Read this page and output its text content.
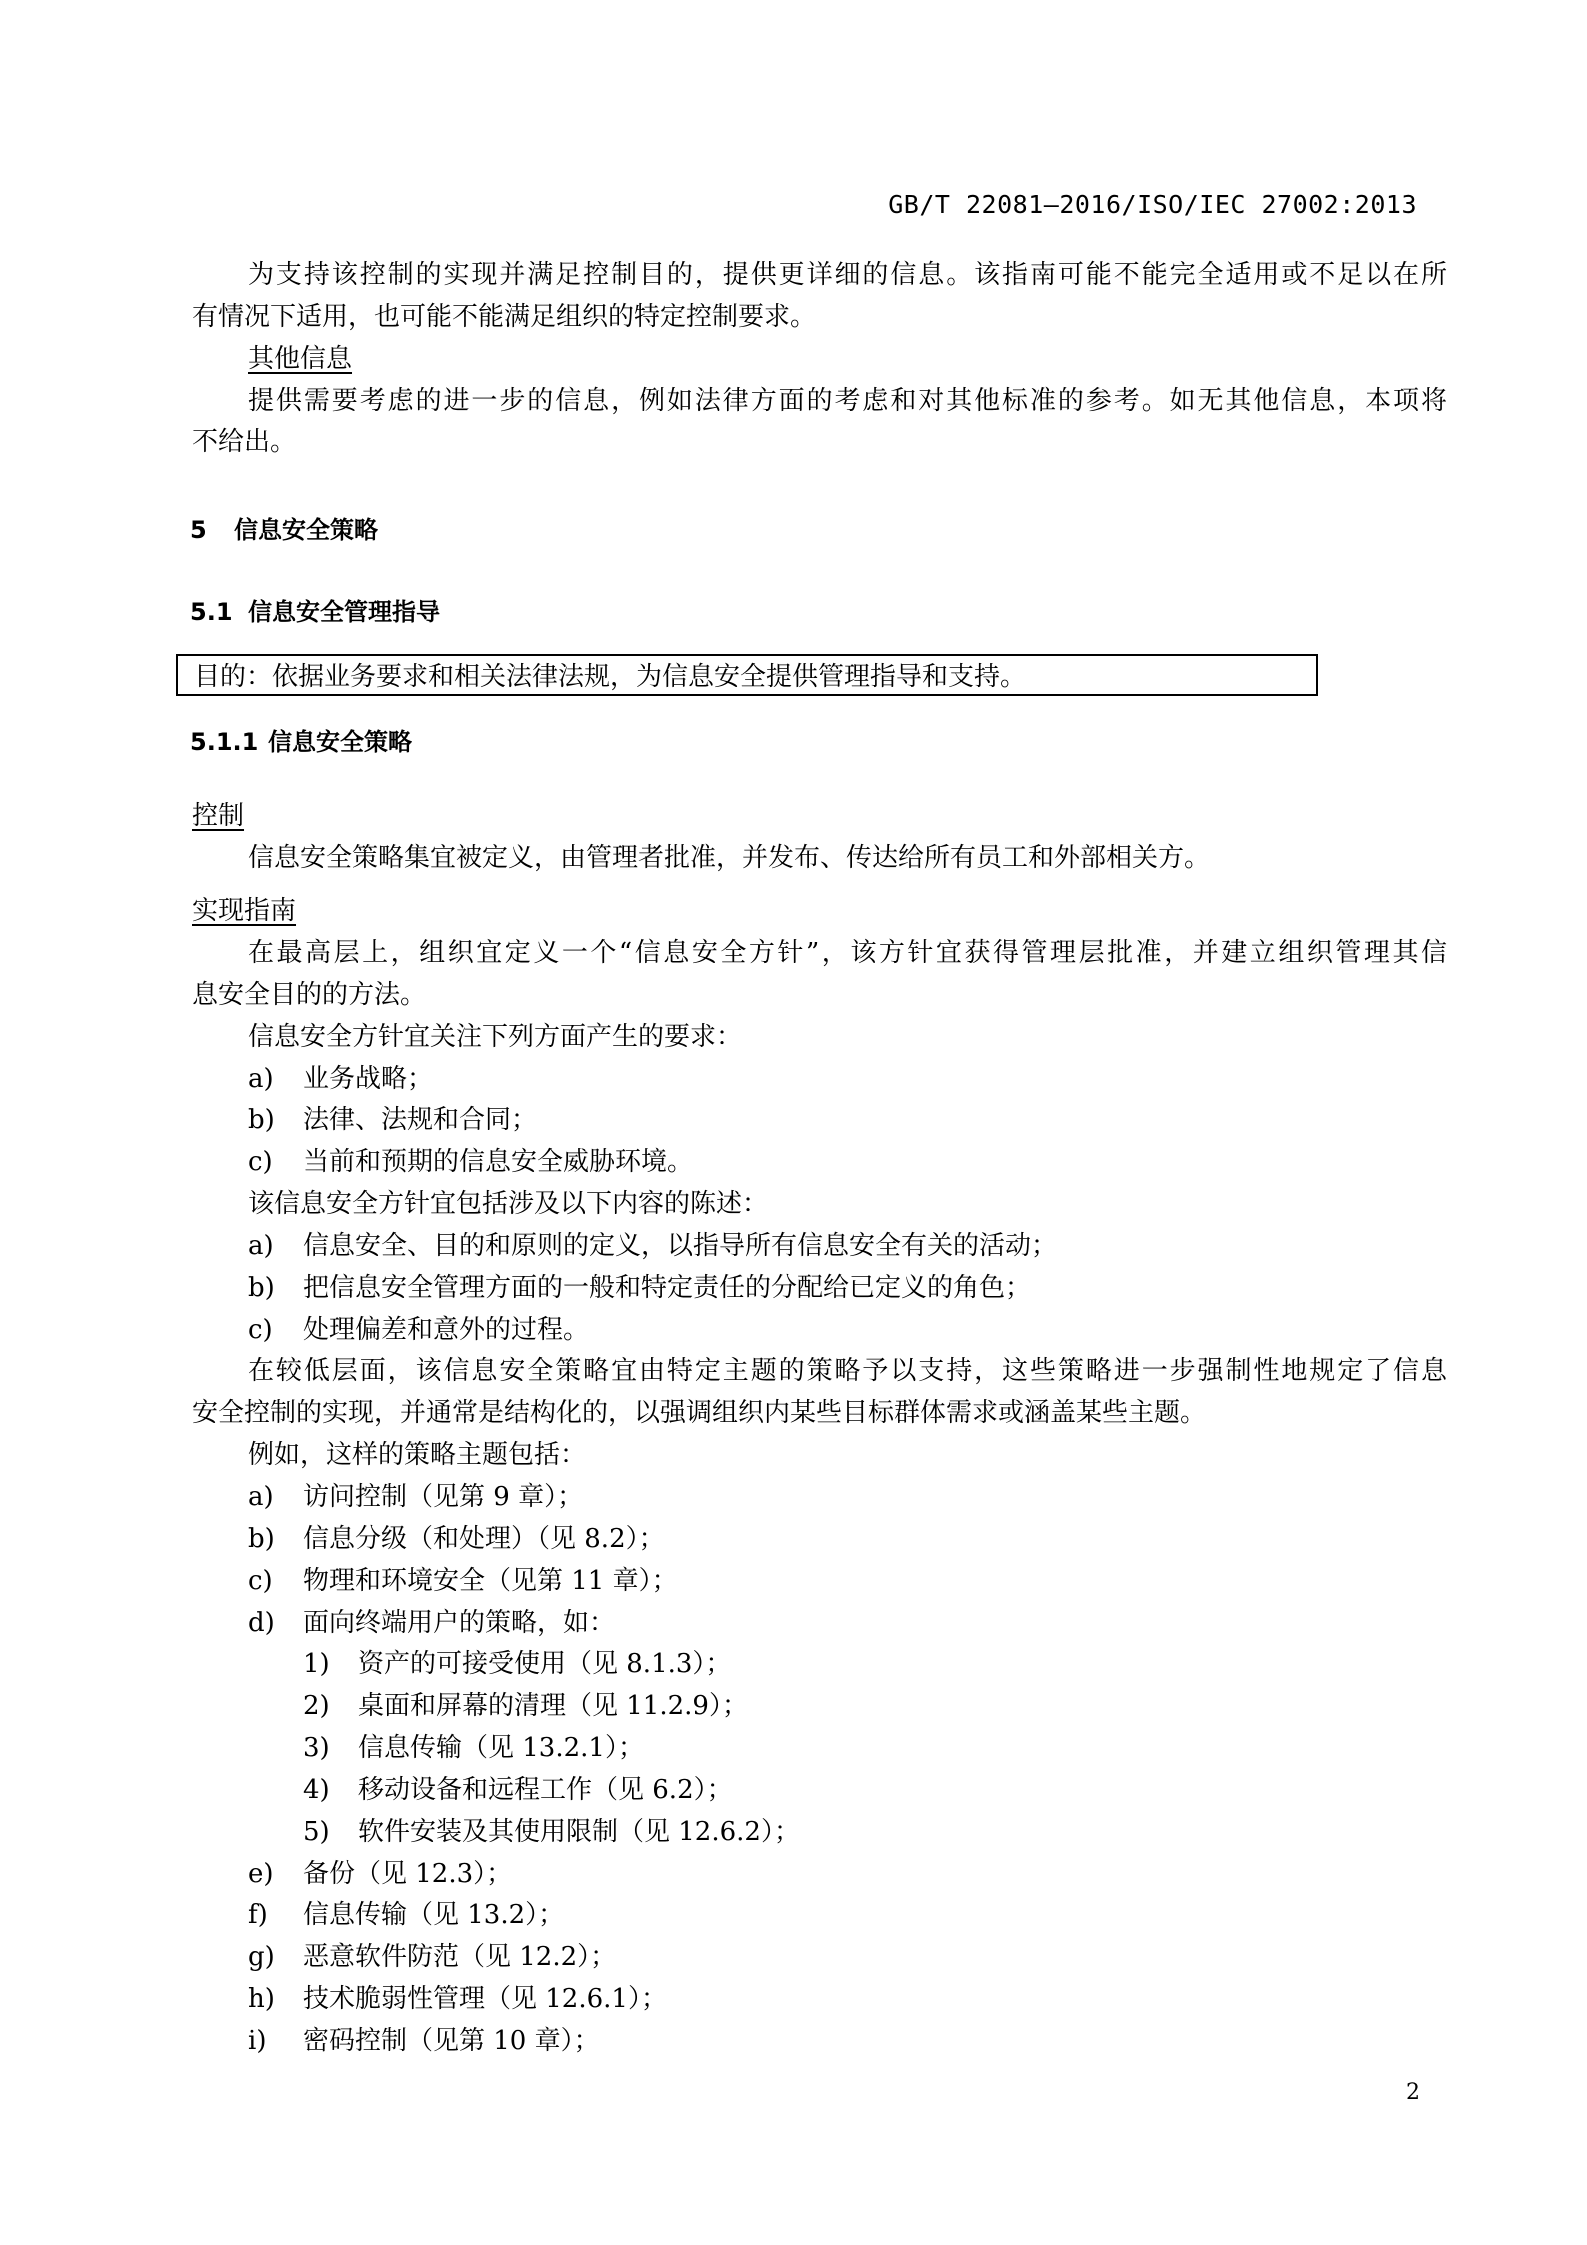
GB/T 22081—2016/ISO/IEC 27002:2013
为支持该控制的实现并满足控制目的，提供更详细的信息。该指南可能不能完全适用或不足以在所
有情况下适用，也可能不能满足组织的特定控制要求。
其他信息
提供需要考虑的进一步的信息，例如法律方面的考虑和对其他标准的参考。如无其他信息，本项将
不给出。
5 信息安全策略
5.1 信息安全管理指导
目的：依据业务要求和相关法律法规，为信息安全提供管理指导和支持。
5.1.1 信息安全策略
控制
信息安全策略集宜被定义，由管理者批准，并发布、传达给所有员工和外部相关方。
实现指南
在最高层上，组织宜定义一个“信息安全方针”，该方针宜获得管理层批准，并建立组织管理其信
息安全目的的方法。
信息安全方针宜关注下列方面产生的要求：
a)	业务战略；
b)	法律、法规和合同；
c)	当前和预期的信息安全威胁环境。
该信息安全方针宜包括涉及以下内容的陈述：
a)	信息安全、目的和原则的定义，以指导所有信息安全有关的活动；
b)	把信息安全管理方面的一般和特定责任的分配给已定义的角色；
c)	处理偏差和意外的过程。
在较低层面，该信息安全策略宜由特定主题的策略予以支持，这些策略进一步强制性地规定了信息
安全控制的实现，并通常是结构化的，以强调组织内某些目标群体需求或涵盖某些主题。
例如，这样的策略主题包括：
a)	访问控制（见第 9 章）；
b)	信息分级（和处理）（见 8.2）；
c)	物理和环境安全（见第 11 章）；
d)	面向终端用户的策略，如：
1)	资产的可接受使用（见 8.1.3）；
2)	桌面和屏幕的清理（见 11.2.9）；
3)	信息传输（见 13.2.1）；
4)	移动设备和远程工作（见 6.2）；
5)	软件安装及其使用限制（见 12.6.2）；
e)	备份（见 12.3）；
f)	信息传输（见 13.2）；
g)	恶意软件防范（见 12.2）；
h)	技术脆弱性管理（见 12.6.1）；
i)	密码控制（见第 10 章）；
2
